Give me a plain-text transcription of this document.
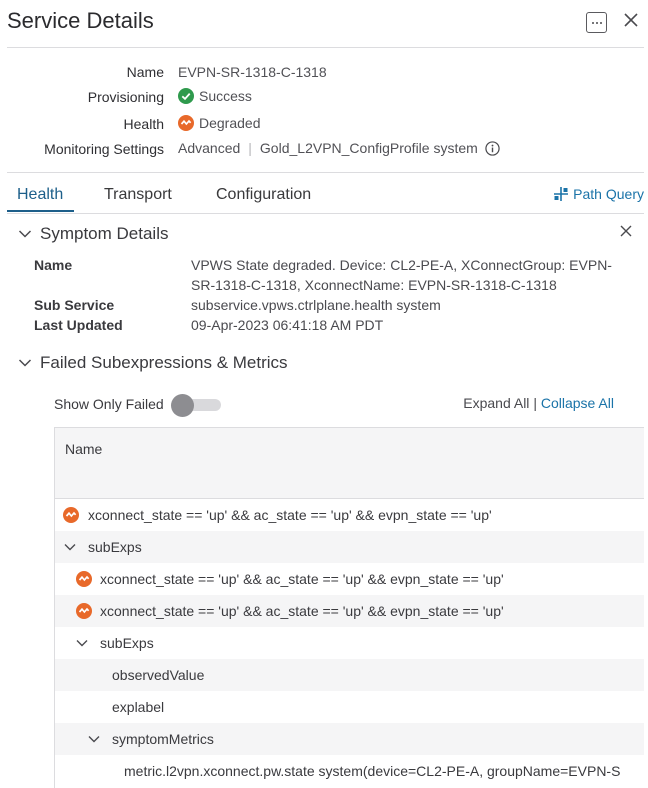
Service Details
Name EVPN-SR-1318-C-1318
Provisioning	Success
Health	Degraded
Monitoring Settings Advanced | Gold_L2VPN_ConfigProfile system
Health	Transport	Configuration	Path Query
Symptom Details
Name	VPWS State degraded. Device: CL2-PE-A, XConnectGroup: EVPN-
SR-1318-C-1318, XconnectName: EVPN-SR-1318-C-1318
Sub Service	subservice.vpws.ctrlplane.health system
Last Updated	09-Apr-2023 06:41:18 AM PDT
Failed Subexpressions & Metrics
Show Only Failed	Expand All | Collapse All
Name
xconnect_state == 'up' && ac_state == 'up' && evpn_state == 'up'
subExps
xconnect_state == 'up' && ac_state == 'up' && evpn_state == 'up'
xconnect_state == 'up' && ac_state == 'up' && evpn_state == 'up'
subExps
observedValue
explabel
symptomMetrics
metric.l2vpn.xconnect.pw.state system(device=CL2-PE-A, groupName=EVPN-S
